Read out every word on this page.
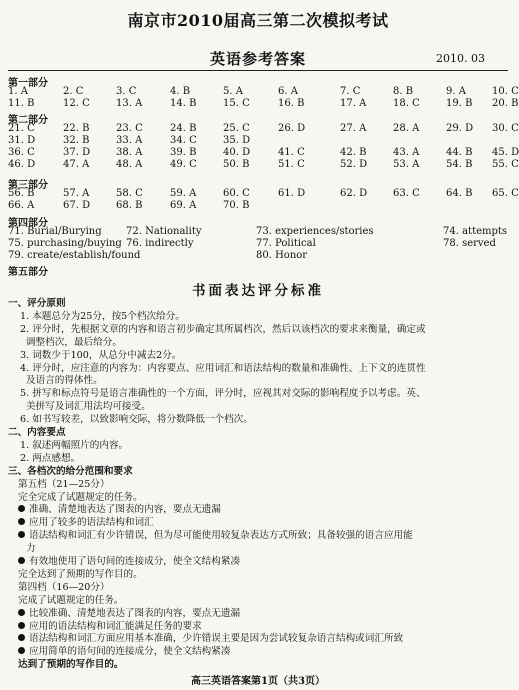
南京市2010届高三第二次模拟考试
英语参考答案	2010. 03
第一部分
1. A	2. C	3. C	4. B	5. A	6. A	7. C	8. B	9. A	10. C
11. B	12. C	13. A	14. B	15. C	16. B	17. A	18. C	19. B 20. B
第二部分
21. C	22. B	23. C	24. B	25. C	26. D	27. A	28. A	29. D 30. C
31. D	32. B	33. A	34. C	35. D
36. C	37. D	38. A	39. B	40. D	41. C	42. B	43. A	44. B 45. D
46. D	47. A	48. A	49. C	50. B	51. C	52. D	53. A	54. B 55. C
第三部分
56. B	57. A	58. C	59. A	60. C	61. D	62. D	63. C	64. B 65. C
66. A	67. D	68. B	69. A	70. B
第四部分
71. Burial/Burying 72. Nationality	73. experiences/stories	74. attempts
75. purchasing/buying 76. indirectly	77. Political	78. served
79. create/establish/found	80. Honor
第五部分
书面表达评分标准
一、评分原则
1. 本题总分为25分，按5个档次给分。
2. 评分时，先根据文章的内容和语言初步确定其所属档次，然后以该档次的要求来衡量，确定或
调整档次，最后给分。
3. 词数少于100，从总分中减去2分。
4. 评分时，应注意的内容为：内容要点、应用词汇和语法结构的数量和准确性、上下文的连贯性
及语言的得体性。
5. 拼写和标点符号是语言准确性的一个方面，评分时，应视其对交际的影响程度予以考虑。英、
美拼写及词汇用法均可接受。
6. 如书写较差，以致影响交际，将分数降低一个档次。
二、内容要点
1. 叙述两幅照片的内容。
2. 两点感想。
三、各档次的给分范围和要求
第五档（21—25分）
完全完成了试题规定的任务。
准确、清楚地表达了图表的内容，要点无遗漏
应用了较多的语法结构和词汇
语法结构和词汇有少许错误，但为尽可能使用较复杂表达方式所致；具备较强的语言应用能
力
有效地使用了语句间的连接成分，使全文结构紧凑
完全达到了预期的写作目的。
第四档（16—20分）
完成了试题规定的任务。
比较准确、清楚地表达了图表的内容，要点无遗漏
应用的语法结构和词汇能满足任务的要求
语法结构和词汇方面应用基本准确，少许错误主要是因为尝试较复杂语言结构或词汇所致
应用简单的语句间的连接成分，使全文结构紧凑
达到了预期的写作目的。
高三英语答案第1页（共3页）
